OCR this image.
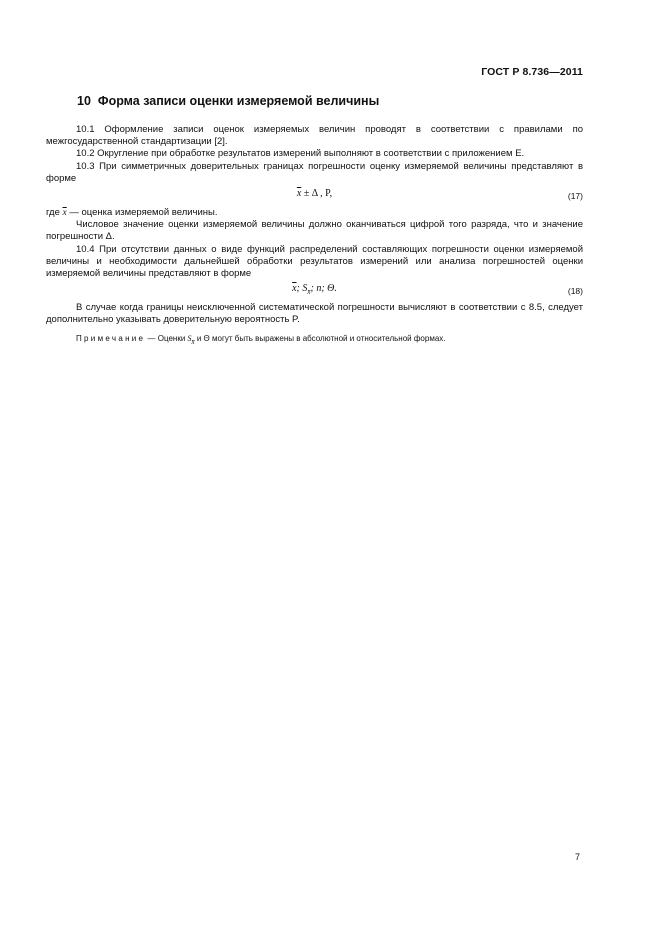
ГОСТ Р 8.736—2011
10 Форма записи оценки измеряемой величины

10.1 Оформление записи оценок измеряемых величин проводят в соответствии с правилами по межгосударственной стандартизации [2].

10.2 Округление при обработке результатов измерений выполняют в соответствии с приложением Е.

10.3 При симметричных доверительных границах погрешности оценку измеряемой величины представляют в форме

$\overline{x} \pm \Delta$ , P,	(17)

где $\overline{x}$ — оценка измеряемой величины.

Числовое значение оценки измеряемой величины должно оканчиваться цифрой того разряда, что и значение погрешности Δ.

10.4 При отсутствии данных о виде функций распределений составляющих погрешности оценки измеряемой величины и необходимости дальнейшей обработки результатов измерений или анализа погрешностей оценки измеряемой величины представляют в форме

$\overline{x}$; $S_{x̄}$; n; Θ.	(18)

В случае когда границы неисключенной систематической погрешности вычисляют в соответствии с 8.5, следует дополнительно указывать доверительную вероятность P.

Примечание — Оценки Sx̄ и Θ могут быть выражены в абсолютной и относительной формах.

7
